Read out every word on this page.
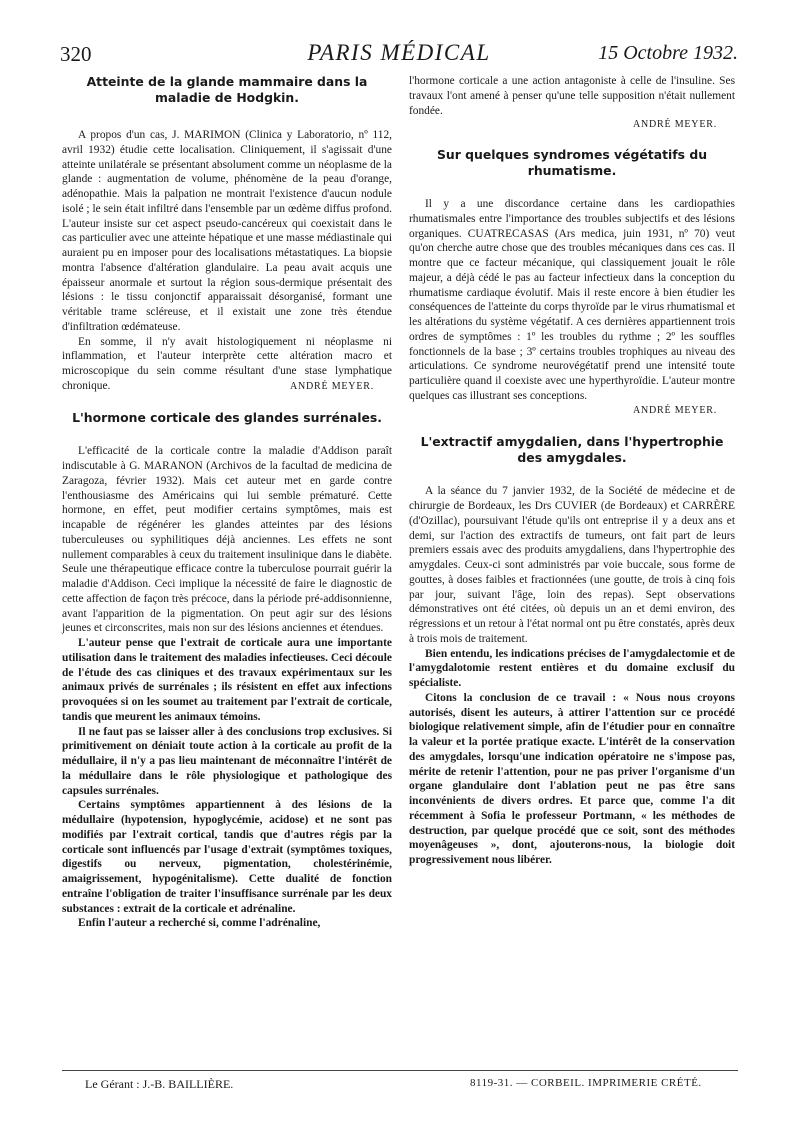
320	PARIS MÉDICAL	15 Octobre 1932.
Atteinte de la glande mammaire dans la maladie de Hodgkin.

A propos d'un cas, J. MARIMON (Clinica y Laboratorio, nº 112, avril 1932) étudie cette localisation. Cliniquement, il s'agissait d'une atteinte unilatérale se présentant absolument comme un néoplasme de la glande : augmentation de volume, phénomène de la peau d'orange, adénopathie. Mais la palpation ne montrait l'existence d'aucun nodule isolé ; le sein était infiltré dans l'ensemble par un œdème diffus profond. L'auteur insiste sur cet aspect pseudo-cancéreux qui coexistait dans le cas particulier avec une atteinte hépatique et une masse médiastinale qui auraient pu en imposer pour des localisations métastatiques. La biopsie montra l'absence d'altération glandulaire. La peau avait acquis une épaisseur anormale et surtout la région sous-dermique présentait des lésions : le tissu conjonctif apparaissait désorganisé, formant une véritable trame scléreuse, et il existait une zone très étendue d'infiltration œdémateuse.

En somme, il n'y avait histologiquement ni néoplasme ni inflammation, et l'auteur interprète cette altération macro et microscopique du sein comme résultant d'une stase lymphatique chronique.	ANDRÉ MEYER.
L'hormone corticale des glandes surrénales.

L'efficacité de la corticale contre la maladie d'Addison paraît indiscutable à G. MARANON (Archivos de la facultad de medicina de Zaragoza, février 1932). Mais cet auteur met en garde contre l'enthousiasme des Américains qui lui semble prématuré. Cette hormone, en effet, peut modifier certains symptômes, mais est incapable de régénérer les glandes atteintes par des lésions tuberculeuses ou syphilitiques déjà anciennes. Les effets ne sont nullement comparables à ceux du traitement insulinique dans le diabète. Seule une thérapeutique efficace contre la tuberculose pourrait guérir la maladie d'Addison. Ceci implique la nécessité de faire le diagnostic de cette affection de façon très précoce, dans la période pré-addisonnienne, avant l'apparition de la pigmentation. On peut agir sur des lésions jeunes et circonscrites, mais non sur des lésions anciennes et étendues.

L'auteur pense que l'extrait de corticale aura une importante utilisation dans le traitement des maladies infectieuses. Ceci découle de l'étude des cas cliniques et des travaux expérimentaux sur les animaux privés de surrénales ; ils résistent en effet aux infections provoquées si on les soumet au traitement par l'extrait de corticale, tandis que meurent les animaux témoins.

Il ne faut pas se laisser aller à des conclusions trop exclusives. Si primitivement on déniait toute action à la corticale au profit de la médullaire, il n'y a pas lieu maintenant de méconnaître l'intérêt de la médullaire dans le rôle physiologique et pathologique des capsules surrénales.

Certains symptômes appartiennent à des lésions de la médullaire (hypotension, hypoglycémie, acidose) et ne sont pas modifiés par l'extrait cortical, tandis que d'autres régis par la corticale sont influencés par l'usage d'extrait (symptômes toxiques, digestifs ou nerveux, pigmentation, cholestérinémie, amaigrissement, hypogénitalisme). Cette dualité de fonction entraîne l'obligation de traiter l'insuffisance surrénale par les deux substances : extrait de la corticale et adrénaline.

Enfin l'auteur a recherché si, comme l'adrénaline,

l'hormone corticale a une action antagoniste à celle de l'insuline. Ses travaux l'ont amené à penser qu'une telle supposition n'était nullement fondée.

ANDRÉ MEYER.
Sur quelques syndromes végétatifs du rhumatisme.

Il y a une discordance certaine dans les cardiopathies rhumatismales entre l'importance des troubles subjectifs et des lésions organiques. CUATRECASAS (Ars medica, juin 1931, nº 70) veut qu'on cherche autre chose que des troubles mécaniques dans ces cas. Il montre que ce facteur mécanique, qui classiquement jouait le rôle majeur, a déjà cédé le pas au facteur infectieux dans la conception du rhumatisme cardiaque évolutif. Mais il reste encore à bien étudier les conséquences de l'atteinte du corps thyroïde par le virus rhumatismal et les altérations du système végétatif. A ces dernières appartiennent trois ordres de symptômes : 1º les troubles du rythme ; 2º les souffles fonctionnels de la base ; 3º certains troubles trophiques au niveau des articulations. Ce syndrome neurovégétatif prend une intensité toute particulière quand il coexiste avec une hyperthyroïdie. L'auteur montre quelques cas illustrant ses conceptions.

ANDRÉ MEYER.
L'extractif amygdalien, dans l'hypertrophie des amygdales.

A la séance du 7 janvier 1932, de la Société de médecine et de chirurgie de Bordeaux, les Drs CUVIER (de Bordeaux) et CARRÈRE (d'Ozillac), poursuivant l'étude qu'ils ont entreprise il y a deux ans et demi, sur l'action des extractifs de tumeurs, ont fait part de leurs premiers essais avec des produits amygdaliens, dans l'hypertrophie des amygdales. Ceux-ci sont administrés par voie buccale, sous forme de gouttes, à doses faibles et fractionnées (une goutte, de trois à cinq fois par jour, suivant l'âge, loin des repas). Sept observations démonstratives ont été citées, où depuis un an et demi environ, des régressions et un retour à l'état normal ont pu être constatés, après deux à trois mois de traitement.

Bien entendu, les indications précises de l'amygdalectomie et de l'amygdalotomie restent entières et du domaine exclusif du spécialiste.

Citons la conclusion de ce travail : « Nous nous croyons autorisés, disent les auteurs, à attirer l'attention sur ce procédé biologique relativement simple, afin de l'étudier pour en connaître la valeur et la portée pratique exacte. L'intérêt de la conservation des amygdales, lorsqu'une indication opératoire ne s'impose pas, mérite de retenir l'attention, pour ne pas priver l'organisme d'un organe glandulaire dont l'ablation peut ne pas être sans inconvénients de divers ordres. Et parce que, comme l'a dit récemment à Sofia le professeur Portmann, « les méthodes de destruction, par quelque procédé que ce soit, sont des méthodes moyenâgeuses », dont, ajouterons-nous, la biologie doit progressivement nous libérer.

Le Gérant : J.-B. BAILLIÈRE.	8119-31. — CORBEIL. IMPRIMERIE CRÉTÉ.
